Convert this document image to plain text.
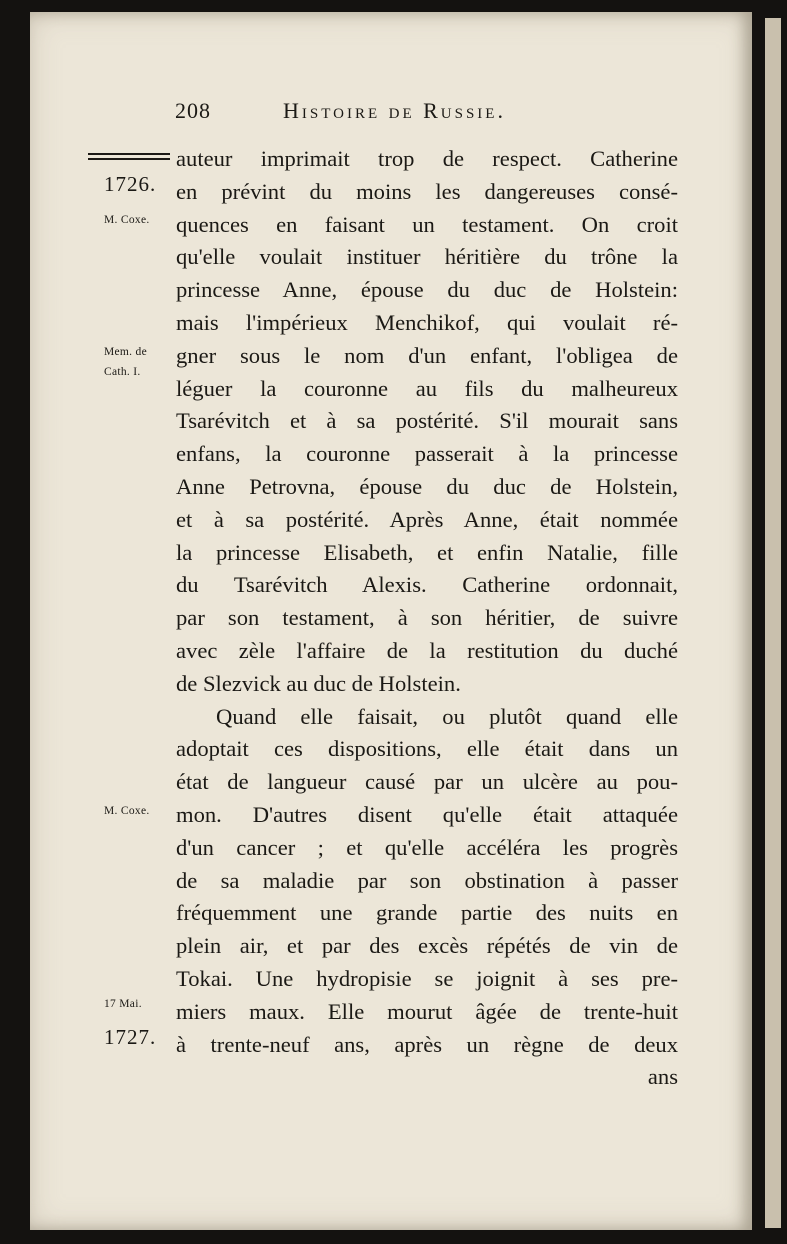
208	Histoire de Russie.
1726.
M. Coxe.
Mem. de
Cath. I.
M. Coxe.
17 Mai.
1727.
auteur imprimait trop de respect. Catherine
en prévint du moins les dangereuses consé-
quences en faisant un testament. On croit
qu'elle voulait instituer héritière du trône la
princesse Anne, épouse du duc de Holstein:
mais l'impérieux Menchikof, qui voulait ré-
gner sous le nom d'un enfant, l'obligea de
léguer la couronne au fils du malheureux
Tsarévitch et à sa postérité. S'il mourait sans
enfans, la couronne passerait à la princesse
Anne Petrovna, épouse du duc de Holstein,
et à sa postérité. Après Anne, était nommée
la princesse Elisabeth, et enfin Natalie, fille
du Tsarévitch Alexis. Catherine ordonnait,
par son testament, à son héritier, de suivre
avec zèle l'affaire de la restitution du duché
de Slezvick au duc de Holstein.
Quand elle faisait, ou plutôt quand elle
adoptait ces dispositions, elle était dans un
état de langueur causé par un ulcère au pou-
mon. D'autres disent qu'elle était attaquée
d'un cancer ; et qu'elle accéléra les progrès
de sa maladie par son obstination à passer
fréquemment une grande partie des nuits en
plein air, et par des excès répétés de vin de
Tokai. Une hydropisie se joignit à ses pre-
miers maux. Elle mourut âgée de trente-huit
à trente-neuf ans, après un règne de deux
ans
